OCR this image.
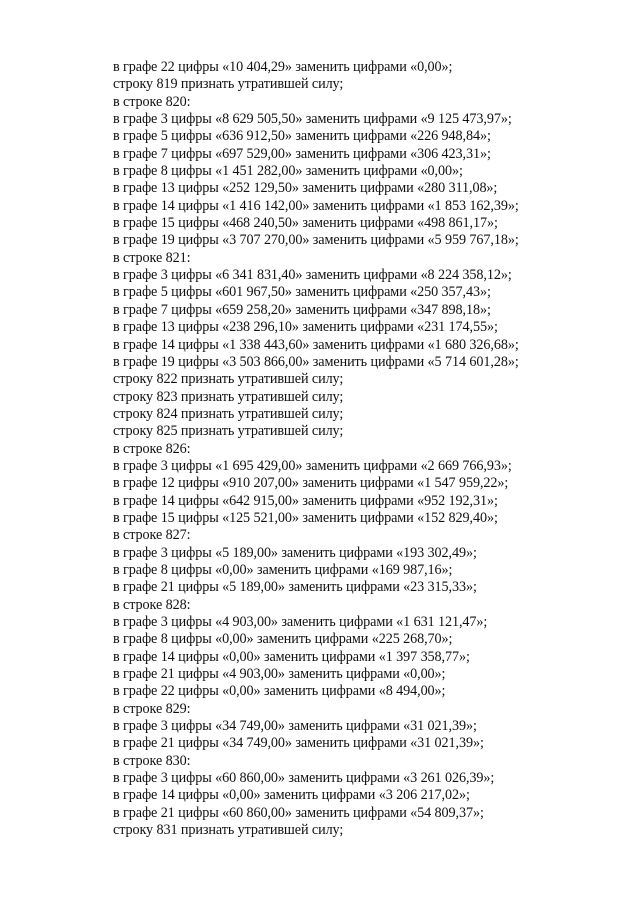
в графе 22 цифры «10 404,29» заменить цифрами «0,00»;
строку 819 признать утратившей силу;
в строке 820:
в графе 3 цифры «8 629 505,50» заменить цифрами «9 125 473,97»;
в графе 5 цифры «636 912,50» заменить цифрами «226 948,84»;
в графе 7 цифры «697 529,00» заменить цифрами «306 423,31»;
в графе 8 цифры «1 451 282,00» заменить цифрами «0,00»;
в графе 13 цифры «252 129,50» заменить цифрами «280 311,08»;
в графе 14 цифры «1 416 142,00» заменить цифрами «1 853 162,39»;
в графе 15 цифры «468 240,50» заменить цифрами «498 861,17»;
в графе 19 цифры «3 707 270,00» заменить цифрами «5 959 767,18»;
в строке 821:
в графе 3 цифры «6 341 831,40» заменить цифрами «8 224 358,12»;
в графе 5 цифры «601 967,50» заменить цифрами «250 357,43»;
в графе 7 цифры «659 258,20» заменить цифрами «347 898,18»;
в графе 13 цифры «238 296,10» заменить цифрами «231 174,55»;
в графе 14 цифры «1 338 443,60» заменить цифрами «1 680 326,68»;
в графе 19 цифры «3 503 866,00» заменить цифрами «5 714 601,28»;
строку 822 признать утратившей силу;
строку 823 признать утратившей силу;
строку 824 признать утратившей силу;
строку 825 признать утратившей силу;
в строке 826:
в графе 3 цифры «1 695 429,00» заменить цифрами «2 669 766,93»;
в графе 12 цифры «910 207,00» заменить цифрами «1 547 959,22»;
в графе 14 цифры «642 915,00» заменить цифрами «952 192,31»;
в графе 15 цифры «125 521,00» заменить цифрами «152 829,40»;
в строке 827:
в графе 3 цифры «5 189,00» заменить цифрами «193 302,49»;
в графе 8 цифры «0,00» заменить цифрами «169 987,16»;
в графе 21 цифры «5 189,00» заменить цифрами «23 315,33»;
в строке 828:
в графе 3 цифры «4 903,00» заменить цифрами «1 631 121,47»;
в графе 8 цифры «0,00» заменить цифрами «225 268,70»;
в графе 14 цифры «0,00» заменить цифрами «1 397 358,77»;
в графе 21 цифры «4 903,00» заменить цифрами «0,00»;
в графе 22 цифры «0,00» заменить цифрами «8 494,00»;
в строке 829:
в графе 3 цифры «34 749,00» заменить цифрами «31 021,39»;
в графе 21 цифры «34 749,00» заменить цифрами «31 021,39»;
в строке 830:
в графе 3 цифры «60 860,00» заменить цифрами «3 261 026,39»;
в графе 14 цифры «0,00» заменить цифрами «3 206 217,02»;
в графе 21 цифры «60 860,00» заменить цифрами «54 809,37»;
строку 831 признать утратившей силу;
